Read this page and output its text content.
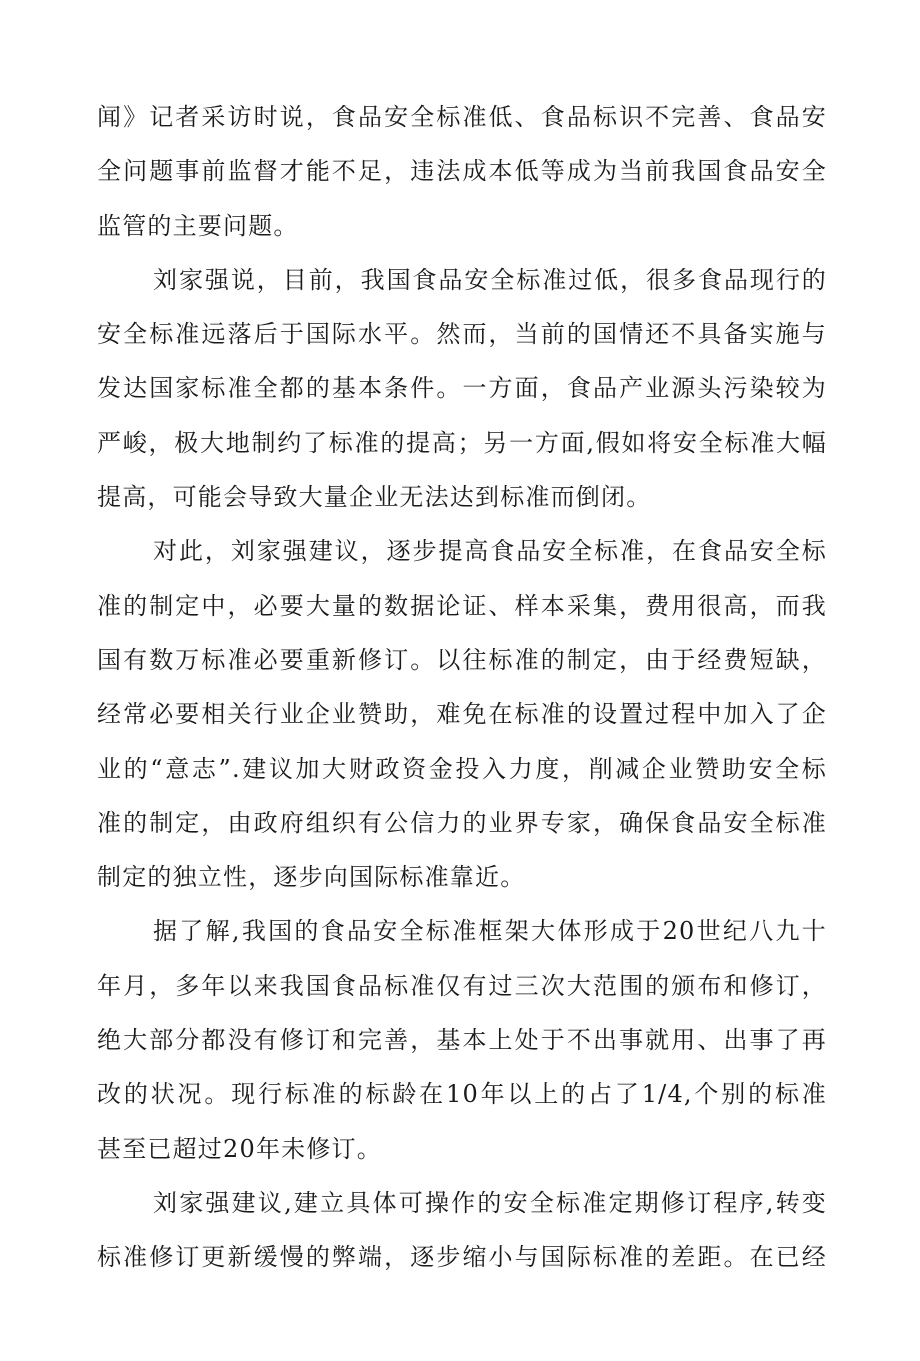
闻》记者采访时说，食品安全标准低、食品标识不完善、食品安
全问题事前监督才能不足，违法成本低等成为当前我国食品安全
监管的主要问题。
刘家强说，目前，我国食品安全标准过低，很多食品现行的
安全标准远落后于国际水平。然而，当前的国情还不具备实施与
发达国家标准全都的基本条件。一方面，食品产业源头污染较为
严峻，极大地制约了标准的提高；另一方面,假如将安全标准大幅
提高，可能会导致大量企业无法达到标准而倒闭。
对此，刘家强建议，逐步提高食品安全标准，在食品安全标
准的制定中，必要大量的数据论证、样本采集，费用很高，而我
国有数万标准必要重新修订。以往标准的制定，由于经费短缺，
经常必要相关行业企业赞助，难免在标准的设置过程中加入了企
业的“意志”.建议加大财政资金投入力度，削减企业赞助安全标
准的制定，由政府组织有公信力的业界专家，确保食品安全标准
制定的独立性，逐步向国际标准靠近。
据了解,我国的食品安全标准框架大体形成于20世纪八九十
年月，多年以来我国食品标准仅有过三次大范围的颁布和修订，
绝大部分都没有修订和完善，基本上处于不出事就用、出事了再
改的状况。现行标准的标龄在10年以上的占了1/4,个别的标准
甚至已超过20年未修订。
刘家强建议,建立具体可操作的安全标准定期修订程序,转变
标准修订更新缓慢的弊端，逐步缩小与国际标准的差距。在已经
